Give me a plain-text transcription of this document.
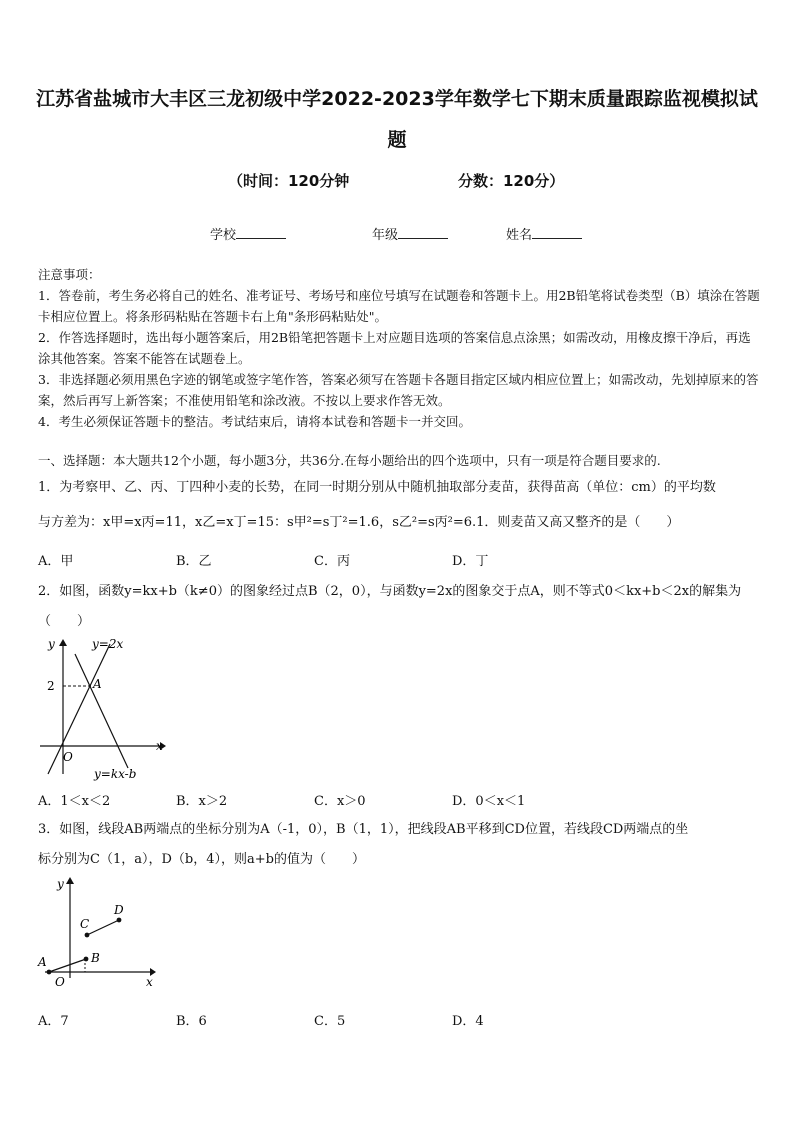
江苏省盐城市大丰区三龙初级中学2022-2023学年数学七下期末质量跟踪监视模拟试
题
（时间：120分钟	分数：120分）
学校	年级	姓名

注意事项：

1．答卷前，考生务必将自己的姓名、准考证号、考场号和座位号填写在试题卷和答题卡上。用2B铅笔将试卷类型（B）填涂在答题卡相应位置上。将条形码粘贴在答题卡右上角"条形码粘贴处"。

2．作答选择题时，选出每小题答案后，用2B铅笔把答题卡上对应题目选项的答案信息点涂黑；如需改动，用橡皮擦干净后，再选涂其他答案。答案不能答在试题卷上。

3．非选择题必须用黑色字迹的钢笔或签字笔作答，答案必须写在答题卡各题目指定区域内相应位置上；如需改动，先划掉原来的答案，然后再写上新答案；不准使用铅笔和涂改液。不按以上要求作答无效。

4．考生必须保证答题卡的整洁。考试结束后，请将本试卷和答题卡一并交回。

一、选择题：本大题共12个小题，每小题3分，共36分.在每小题给出的四个选项中，只有一项是符合题目要求的.
1．为考察甲、乙、丙、丁四种小麦的长势，在同一时期分别从中随机抽取部分麦苗，获得苗高（单位：cm）的平均数
与方差为：x甲=x丙=11，x乙=x丁=15：s甲²=s丁²=1.6，s乙²=s丙²=6.1．则麦苗又高又整齐的是（　　）
A．甲	B．乙	C．丙	D．丁
2．如图，函数y=kx+b（k≠0）的图象经过点B（2，0），与函数y=2x的图象交于点A，则不等式0＜kx+b＜2x的解集为
（　　）
y
x
O
2	A
y=2x
y=kx-b
A．1＜x＜2	B．x＞2	C．x＞0	D．0＜x＜1
3．如图，线段AB两端点的坐标分别为A（-1，0），B（1，1），把线段AB平移到CD位置，若线段CD两端点的坐
标分别为C（1，a），D（b，4），则a+b的值为（　　）
y
x
O
A	B
C
D
A．7	B．6	C．5	D．4
